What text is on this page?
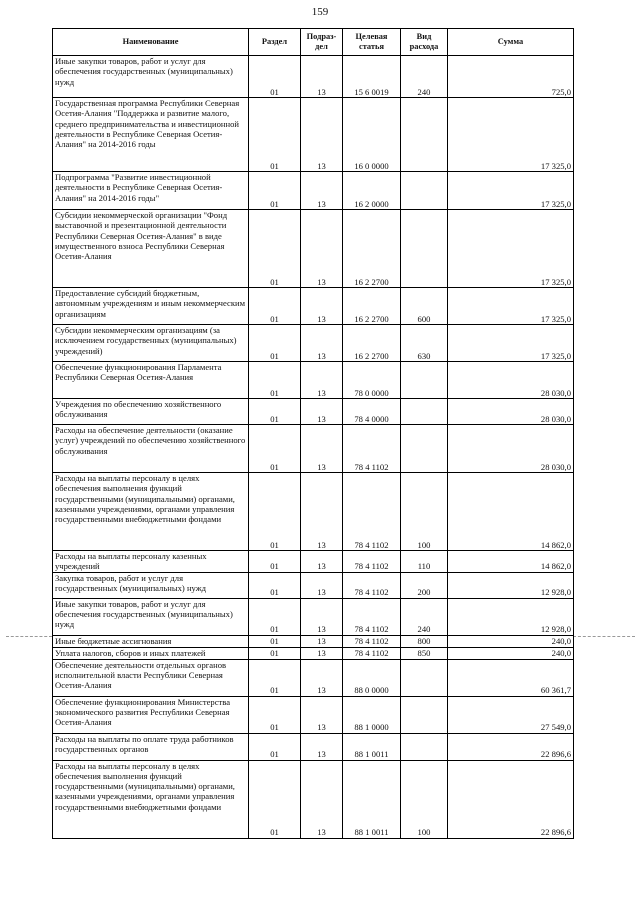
159
Наименование	Раздел	Подраз-дел	Целевая статья	Вид расхода	Сумма
Иные закупки товаров, работ и услуг для обеспечения государственных (муниципальных) нужд	01	13	15 6 0019	240	725,0
Государственная программа Республики Северная Осетия-Алания "Поддержка и развитие малого, среднего предпринимательства и инвестиционной деятельности в Республике Северная Осетия-Алания" на 2014-2016 годы	01	13	16 0 0000		17 325,0
Подпрограмма "Развитие инвестиционной деятельности в Республике Северная Осетия-Алания" на 2014-2016 годы"	01	13	16 2 0000		17 325,0
Субсидии некоммерческой организации "Фонд выставочной и презентационной деятельности Республики Северная Осетия-Алания" в виде имущественного взноса Республики Северная Осетия-Алания	01	13	16 2 2700		17 325,0
Предоставление субсидий бюджетным, автономным учреждениям и иным некоммерческим организациям	01	13	16 2 2700	600	17 325,0
Субсидии некоммерческим организациям (за исключением государственных (муниципальных) учреждений)	01	13	16 2 2700	630	17 325,0
Обеспечение функционирования Парламента Республики Северная Осетия-Алания	01	13	78 0 0000		28 030,0
Учреждения по обеспечению хозяйственного обслуживания	01	13	78 4 0000		28 030,0
Расходы на обеспечение деятельности (оказание услуг) учреждений по обеспечению хозяйственного обслуживания	01	13	78 4 1102		28 030,0
Расходы на выплаты персоналу в целях обеспечения выполнения функций государственными (муниципальными) органами, казенными учреждениями, органами управления государственными внебюджетными фондами	01	13	78 4 1102	100	14 862,0
Расходы на выплаты персоналу казенных учреждений	01	13	78 4 1102	110	14 862,0
Закупка товаров, работ и услуг для государственных (муниципальных) нужд	01	13	78 4 1102	200	12 928,0
Иные закупки товаров, работ и услуг для обеспечения государственных (муниципальных) нужд	01	13	78 4 1102	240	12 928,0
Иные бюджетные ассигнования	01	13	78 4 1102	800	240,0
Уплата налогов, сборов и иных платежей	01	13	78 4 1102	850	240,0
Обеспечение деятельности отдельных органов исполнительной власти Республики Северная Осетия-Алания	01	13	88 0 0000		60 361,7
Обеспечение функционирования Министерства экономического развития Республики Северная Осетия-Алания	01	13	88 1 0000		27 549,0
Расходы на выплаты по оплате труда работников государственных органов	01	13	88 1 0011		22 896,6
Расходы на выплаты персоналу в целях обеспечения выполнения функций государственными (муниципальными) органами, казенными учреждениями, органами управления государственными внебюджетными фондами	01	13	88 1 0011	100	22 896,6
